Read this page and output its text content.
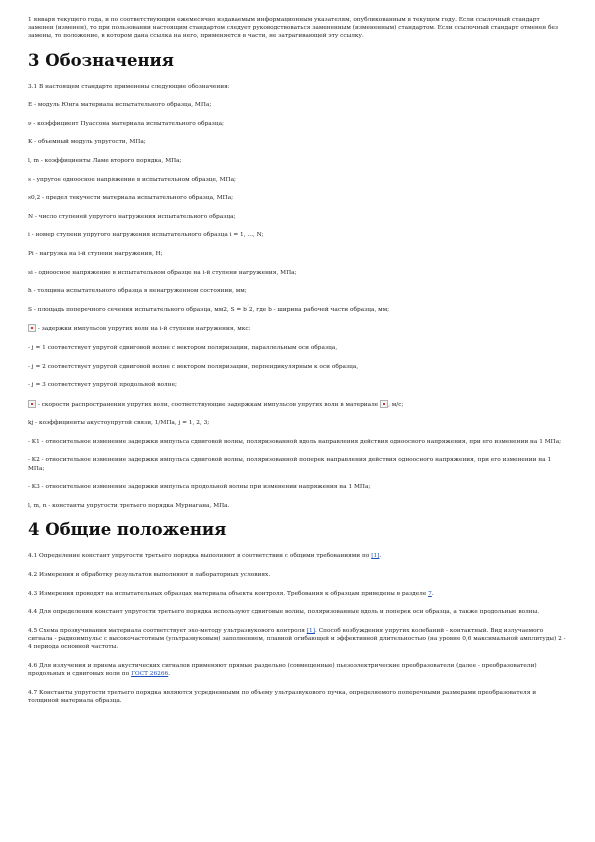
1 января текущего года, и по соответствующим ежемесячно издаваемым информационным указателям, опубликованным в текущем году. Если ссылочный стандарт заменен (изменен), то при пользовании настоящим стандартом следует руководствоваться замененным (измененным) стандартом. Если ссылочный стандарт отменен без замены, то положение, в котором дана ссылка на него, применяется в части, не затрагивающей эту ссылку.

3 Обозначения

3.1 В настоящем стандарте применены следующие обозначения:

E - модуль Юнга материала испытательного образца, МПа;

ν - коэффициент Пуассона материала испытательного образца;

K - объемный модуль упругости, МПа;

l, m - коэффициенты Ламе второго порядка, МПа;

s - упругое одноосное напряжение в испытательном образце, МПа;

s0,2 - предел текучести материала испытательного образца, МПа;

N - число ступеней упругого нагружения испытательного образца;

i - номер ступени упругого нагружения испытательного образца i = 1, ..., N;

Pi - нагрузка на i-й ступени нагружения, Н;

si - одноосное напряжение в испытательном образце на i-й ступени нагружения, МПа;

h - толщина испытательного образца в ненагруженном состоянии, мм;

S - площадь поперечного сечения испытательного образца, мм2, S = b´2, где b - ширина рабочей части образца, мм;

- задержки импульсов упругих волн на i-й ступени нагружения, мкс:

- j = 1 соответствует упругой сдвиговой волне с вектором поляризации, параллельным оси образца,

- j = 2 соответствует упругой сдвиговой волне с вектором поляризации, перпендикулярным к оси образца,

- j = 3 соответствует упругой продольной волне;

- скорости распространения упругих волн, соответствующие задержкам импульсов упругих волн в материале , м/с;

kj - коэффициенты акустоупругой связи, 1/МПа, j = 1, 2, 3;

- K1 - относительное изменение задержки импульса сдвиговой волны, поляризованной вдоль направления действия одноосного напряжения, при его изменении на 1 МПа;

- K2 - относительное изменение задержки импульса сдвиговой волны, поляризованной поперек направления действия одноосного напряжения, при его изменении на 1 МПа;

- K3 - относительное изменение задержки импульса продольной волны при изменении напряжения на 1 МПа;

l, m, n - константы упругости третьего порядка Мурнагана, МПа.

4 Общие положения

4.1 Определение констант упругости третьего порядка выполняют в соответствии с общими требованиями по [1].

4.2 Измерения и обработку результатов выполняют в лабораторных условиях.

4.3 Измерения проводят на испытательных образцах материала объекта контроля. Требования к образцам приведены в разделе 7.

4.4 Для определения констант упругости третьего порядка используют сдвиговые волны, поляризованные вдоль и поперек оси образца, а также продольные волны.

4.5 Схема прозвучивания материала соответствует эхо-методу ультразвукового контроля [1]. Способ возбуждения упругих колебаний - контактный. Вид излучаемого сигнала - радиоимпульс с высокочастотным (ультразвуковым) заполнением, плавной огибающей и эффективной длительностью (на уровне 0,6 максимальной амплитуды) 2 - 4 периода основной частоты.

4.6 Для излучения и приема акустических сигналов применяют прямые раздельно (совмещенные) пьезоэлектрические преобразователи (далее - преобразователи) продольных и сдвиговых волн по ГОСТ 26266.

4.7 Константы упругости третьего порядка являются усредненными по объему ультразвукового пучка, определяемого поперечными размерами преобразователя и толщиной материала образца.
